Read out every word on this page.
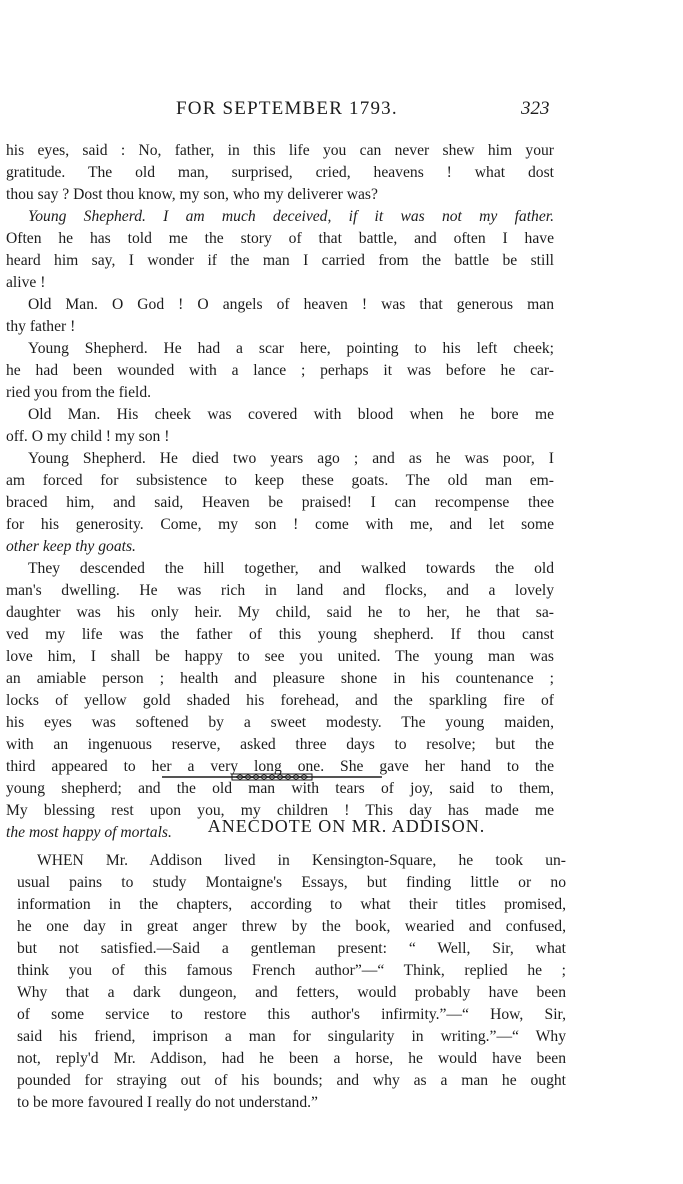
FOR SEPTEMBER 1793.	323
his eyes, said : No, father, in this life you can never shew him your
gratitude. The old man, surprised, cried, heavens ! what dost
thou say ? Dost thou know, my son, who my deliverer was?
Young Shepherd. I am much deceived, if it was not my father.
Often he has told me the story of that battle, and often I have
heard him say, I wonder if the man I carried from the battle be still
alive !
Old Man. O God ! O angels of heaven ! was that generous man
thy father !
Young Shepherd. He had a scar here, pointing to his left cheek;
he had been wounded with a lance ; perhaps it was before he car-
ried you from the field.
Old Man. His cheek was covered with blood when he bore me
off. O my child ! my son !
Young Shepherd. He died two years ago ; and as he was poor, I
am forced for subsistence to keep these goats. The old man em-
braced him, and said, Heaven be praised! I can recompense thee
for his generosity. Come, my son ! come with me, and let some
other keep thy goats.
They descended the hill together, and walked towards the old
man's dwelling. He was rich in land and flocks, and a lovely
daughter was his only heir. My child, said he to her, he that sa-
ved my life was the father of this young shepherd. If thou canst
love him, I shall be happy to see you united. The young man was
an amiable person ; health and pleasure shone in his countenance ;
locks of yellow gold shaded his forehead, and the sparkling fire of
his eyes was softened by a sweet modesty. The young maiden,
with an ingenuous reserve, asked three days to resolve; but the
third appeared to her a very long one. She gave her hand to the
young shepherd; and the old man with tears of joy, said to them,
My blessing rest upon you, my children ! This day has made me
the most happy of mortals.	ANECDOTE ON MR. ADDISON.
WHEN Mr. Addison lived in Kensington-Square, he took un-
usual pains to study Montaigne's Essays, but finding little or no
information in the chapters, according to what their titles promised,
he one day in great anger threw by the book, wearied and confused,
but not satisfied.—Said a gentleman present: “ Well, Sir, what
think you of this famous French author”—“ Think, replied he ;
Why that a dark dungeon, and fetters, would probably have been
of some service to restore this author's infirmity.”—“ How, Sir,
said his friend, imprison a man for singularity in writing.”—“ Why
not, reply'd Mr. Addison, had he been a horse, he would have been
pounded for straying out of his bounds; and why as a man he ought
to be more favoured I really do not understand.”
